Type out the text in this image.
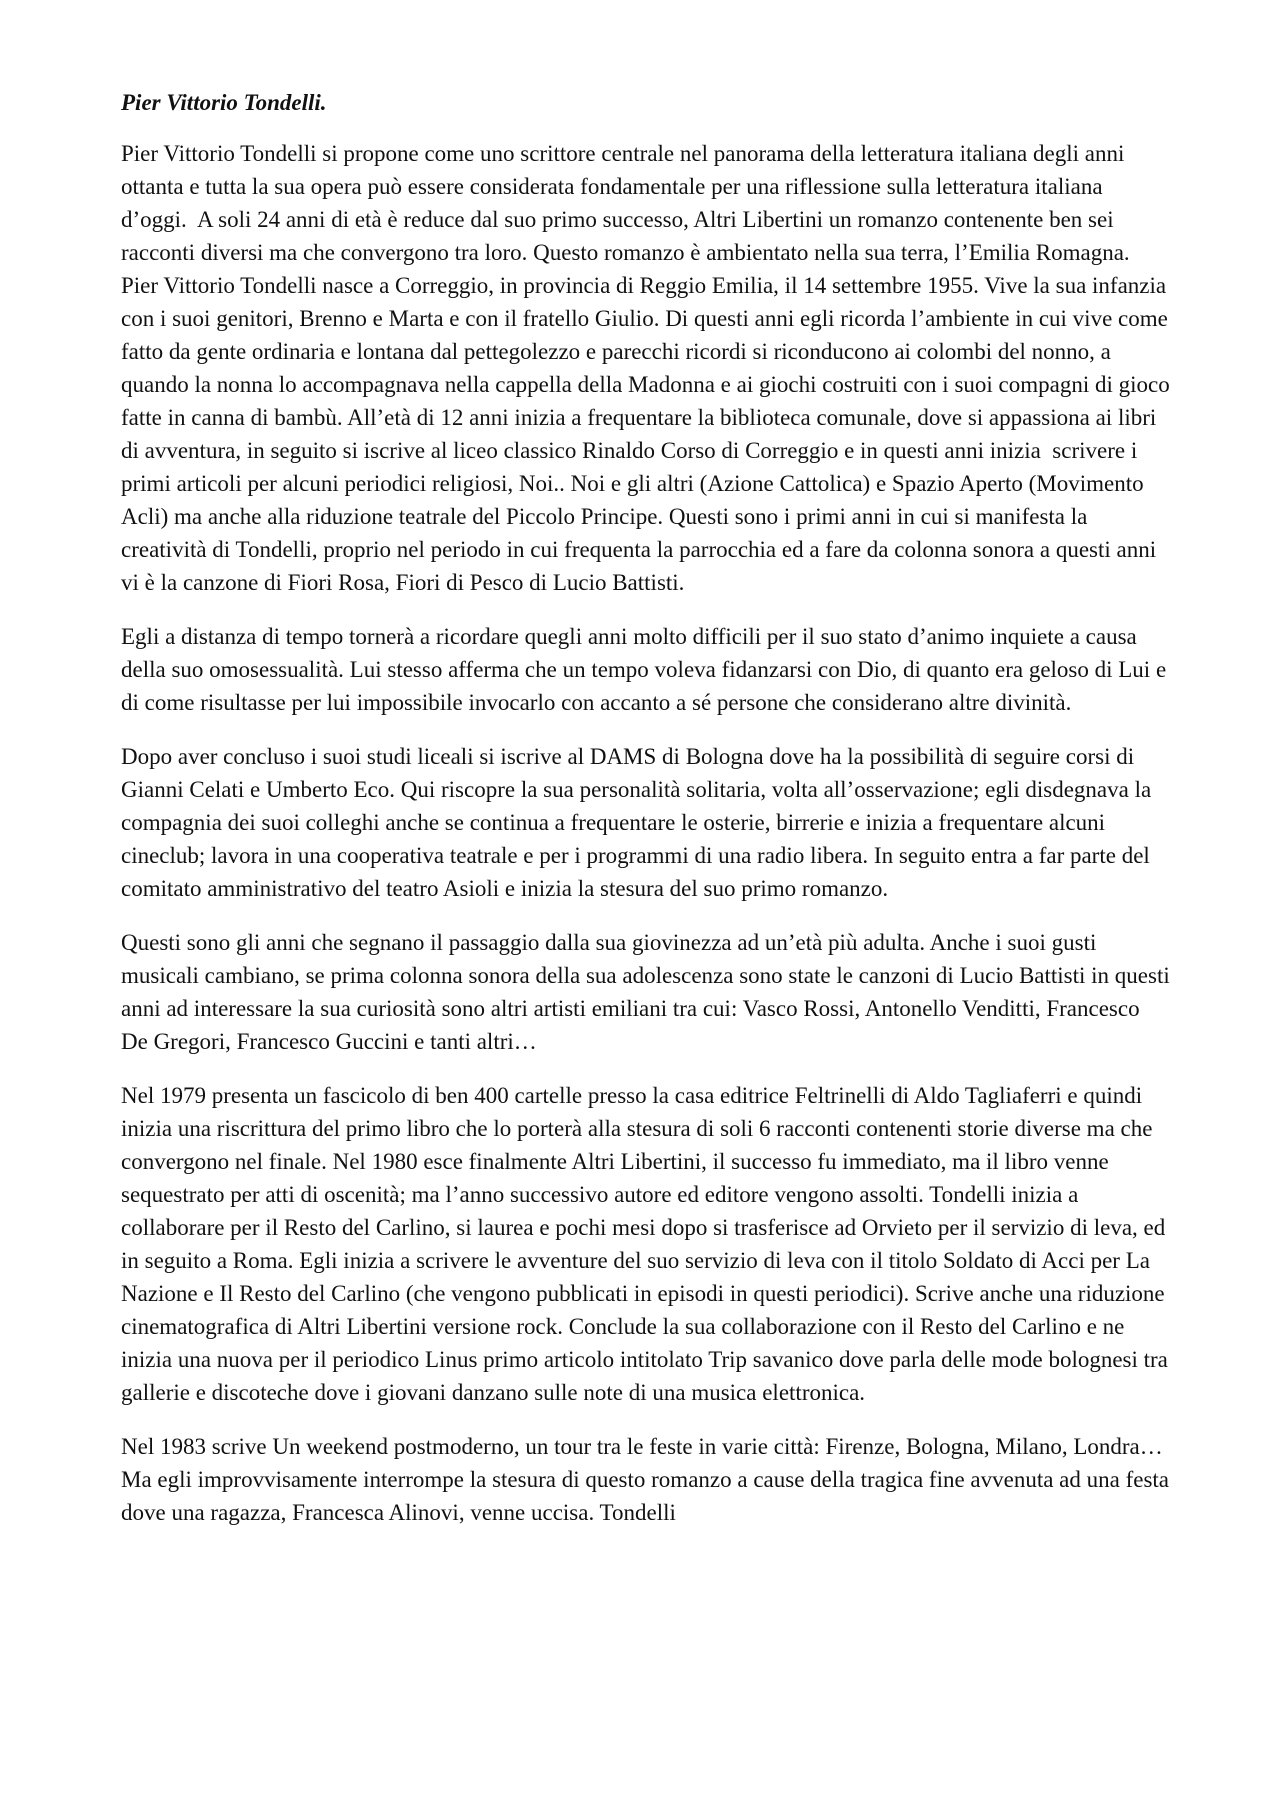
Pier Vittorio Tondelli.

Pier Vittorio Tondelli si propone come uno scrittore centrale nel panorama della letteratura italiana degli anni ottanta e tutta la sua opera può essere considerata fondamentale per una riflessione sulla letteratura italiana d’oggi.  A soli 24 anni di età è reduce dal suo primo successo, Altri Libertini un romanzo contenente ben sei racconti diversi ma che convergono tra loro. Questo romanzo è ambientato nella sua terra, l’Emilia Romagna. Pier Vittorio Tondelli nasce a Correggio, in provincia di Reggio Emilia, il 14 settembre 1955. Vive la sua infanzia con i suoi genitori, Brenno e Marta e con il fratello Giulio. Di questi anni egli ricorda l’ambiente in cui vive come fatto da gente ordinaria e lontana dal pettegolezzo e parecchi ricordi si riconducono ai colombi del nonno, a quando la nonna lo accompagnava nella cappella della Madonna e ai giochi costruiti con i suoi compagni di gioco fatte in canna di bambù. All’età di 12 anni inizia a frequentare la biblioteca comunale, dove si appassiona ai libri di avventura, in seguito si iscrive al liceo classico Rinaldo Corso di Correggio e in questi anni inizia  scrivere i primi articoli per alcuni periodici religiosi, Noi.. Noi e gli altri (Azione Cattolica) e Spazio Aperto (Movimento Acli) ma anche alla riduzione teatrale del Piccolo Principe. Questi sono i primi anni in cui si manifesta la creatività di Tondelli, proprio nel periodo in cui frequenta la parrocchia ed a fare da colonna sonora a questi anni vi è la canzone di Fiori Rosa, Fiori di Pesco di Lucio Battisti.

Egli a distanza di tempo tornerà a ricordare quegli anni molto difficili per il suo stato d’animo inquiete a causa della suo omosessualità. Lui stesso afferma che un tempo voleva fidanzarsi con Dio, di quanto era geloso di Lui e di come risultasse per lui impossibile invocarlo con accanto a sé persone che considerano altre divinità.

Dopo aver concluso i suoi studi liceali si iscrive al DAMS di Bologna dove ha la possibilità di seguire corsi di Gianni Celati e Umberto Eco. Qui riscopre la sua personalità solitaria, volta all’osservazione; egli disdegnava la compagnia dei suoi colleghi anche se continua a frequentare le osterie, birrerie e inizia a frequentare alcuni cineclub; lavora in una cooperativa teatrale e per i programmi di una radio libera. In seguito entra a far parte del comitato amministrativo del teatro Asioli e inizia la stesura del suo primo romanzo.

Questi sono gli anni che segnano il passaggio dalla sua giovinezza ad un’età più adulta. Anche i suoi gusti musicali cambiano, se prima colonna sonora della sua adolescenza sono state le canzoni di Lucio Battisti in questi anni ad interessare la sua curiosità sono altri artisti emiliani tra cui: Vasco Rossi, Antonello Venditti, Francesco De Gregori, Francesco Guccini e tanti altri…

Nel 1979 presenta un fascicolo di ben 400 cartelle presso la casa editrice Feltrinelli di Aldo Tagliaferri e quindi inizia una riscrittura del primo libro che lo porterà alla stesura di soli 6 racconti contenenti storie diverse ma che convergono nel finale. Nel 1980 esce finalmente Altri Libertini, il successo fu immediato, ma il libro venne sequestrato per atti di oscenità; ma l’anno successivo autore ed editore vengono assolti. Tondelli inizia a collaborare per il Resto del Carlino, si laurea e pochi mesi dopo si trasferisce ad Orvieto per il servizio di leva, ed in seguito a Roma. Egli inizia a scrivere le avventure del suo servizio di leva con il titolo Soldato di Acci per La Nazione e Il Resto del Carlino (che vengono pubblicati in episodi in questi periodici). Scrive anche una riduzione cinematografica di Altri Libertini versione rock. Conclude la sua collaborazione con il Resto del Carlino e ne inizia una nuova per il periodico Linus primo articolo intitolato Trip savanico dove parla delle mode bolognesi tra gallerie e discoteche dove i giovani danzano sulle note di una musica elettronica.

Nel 1983 scrive Un weekend postmoderno, un tour tra le feste in varie città: Firenze, Bologna, Milano, Londra… Ma egli improvvisamente interrompe la stesura di questo romanzo a cause della tragica fine avvenuta ad una festa dove una ragazza, Francesca Alinovi, venne uccisa. Tondelli
